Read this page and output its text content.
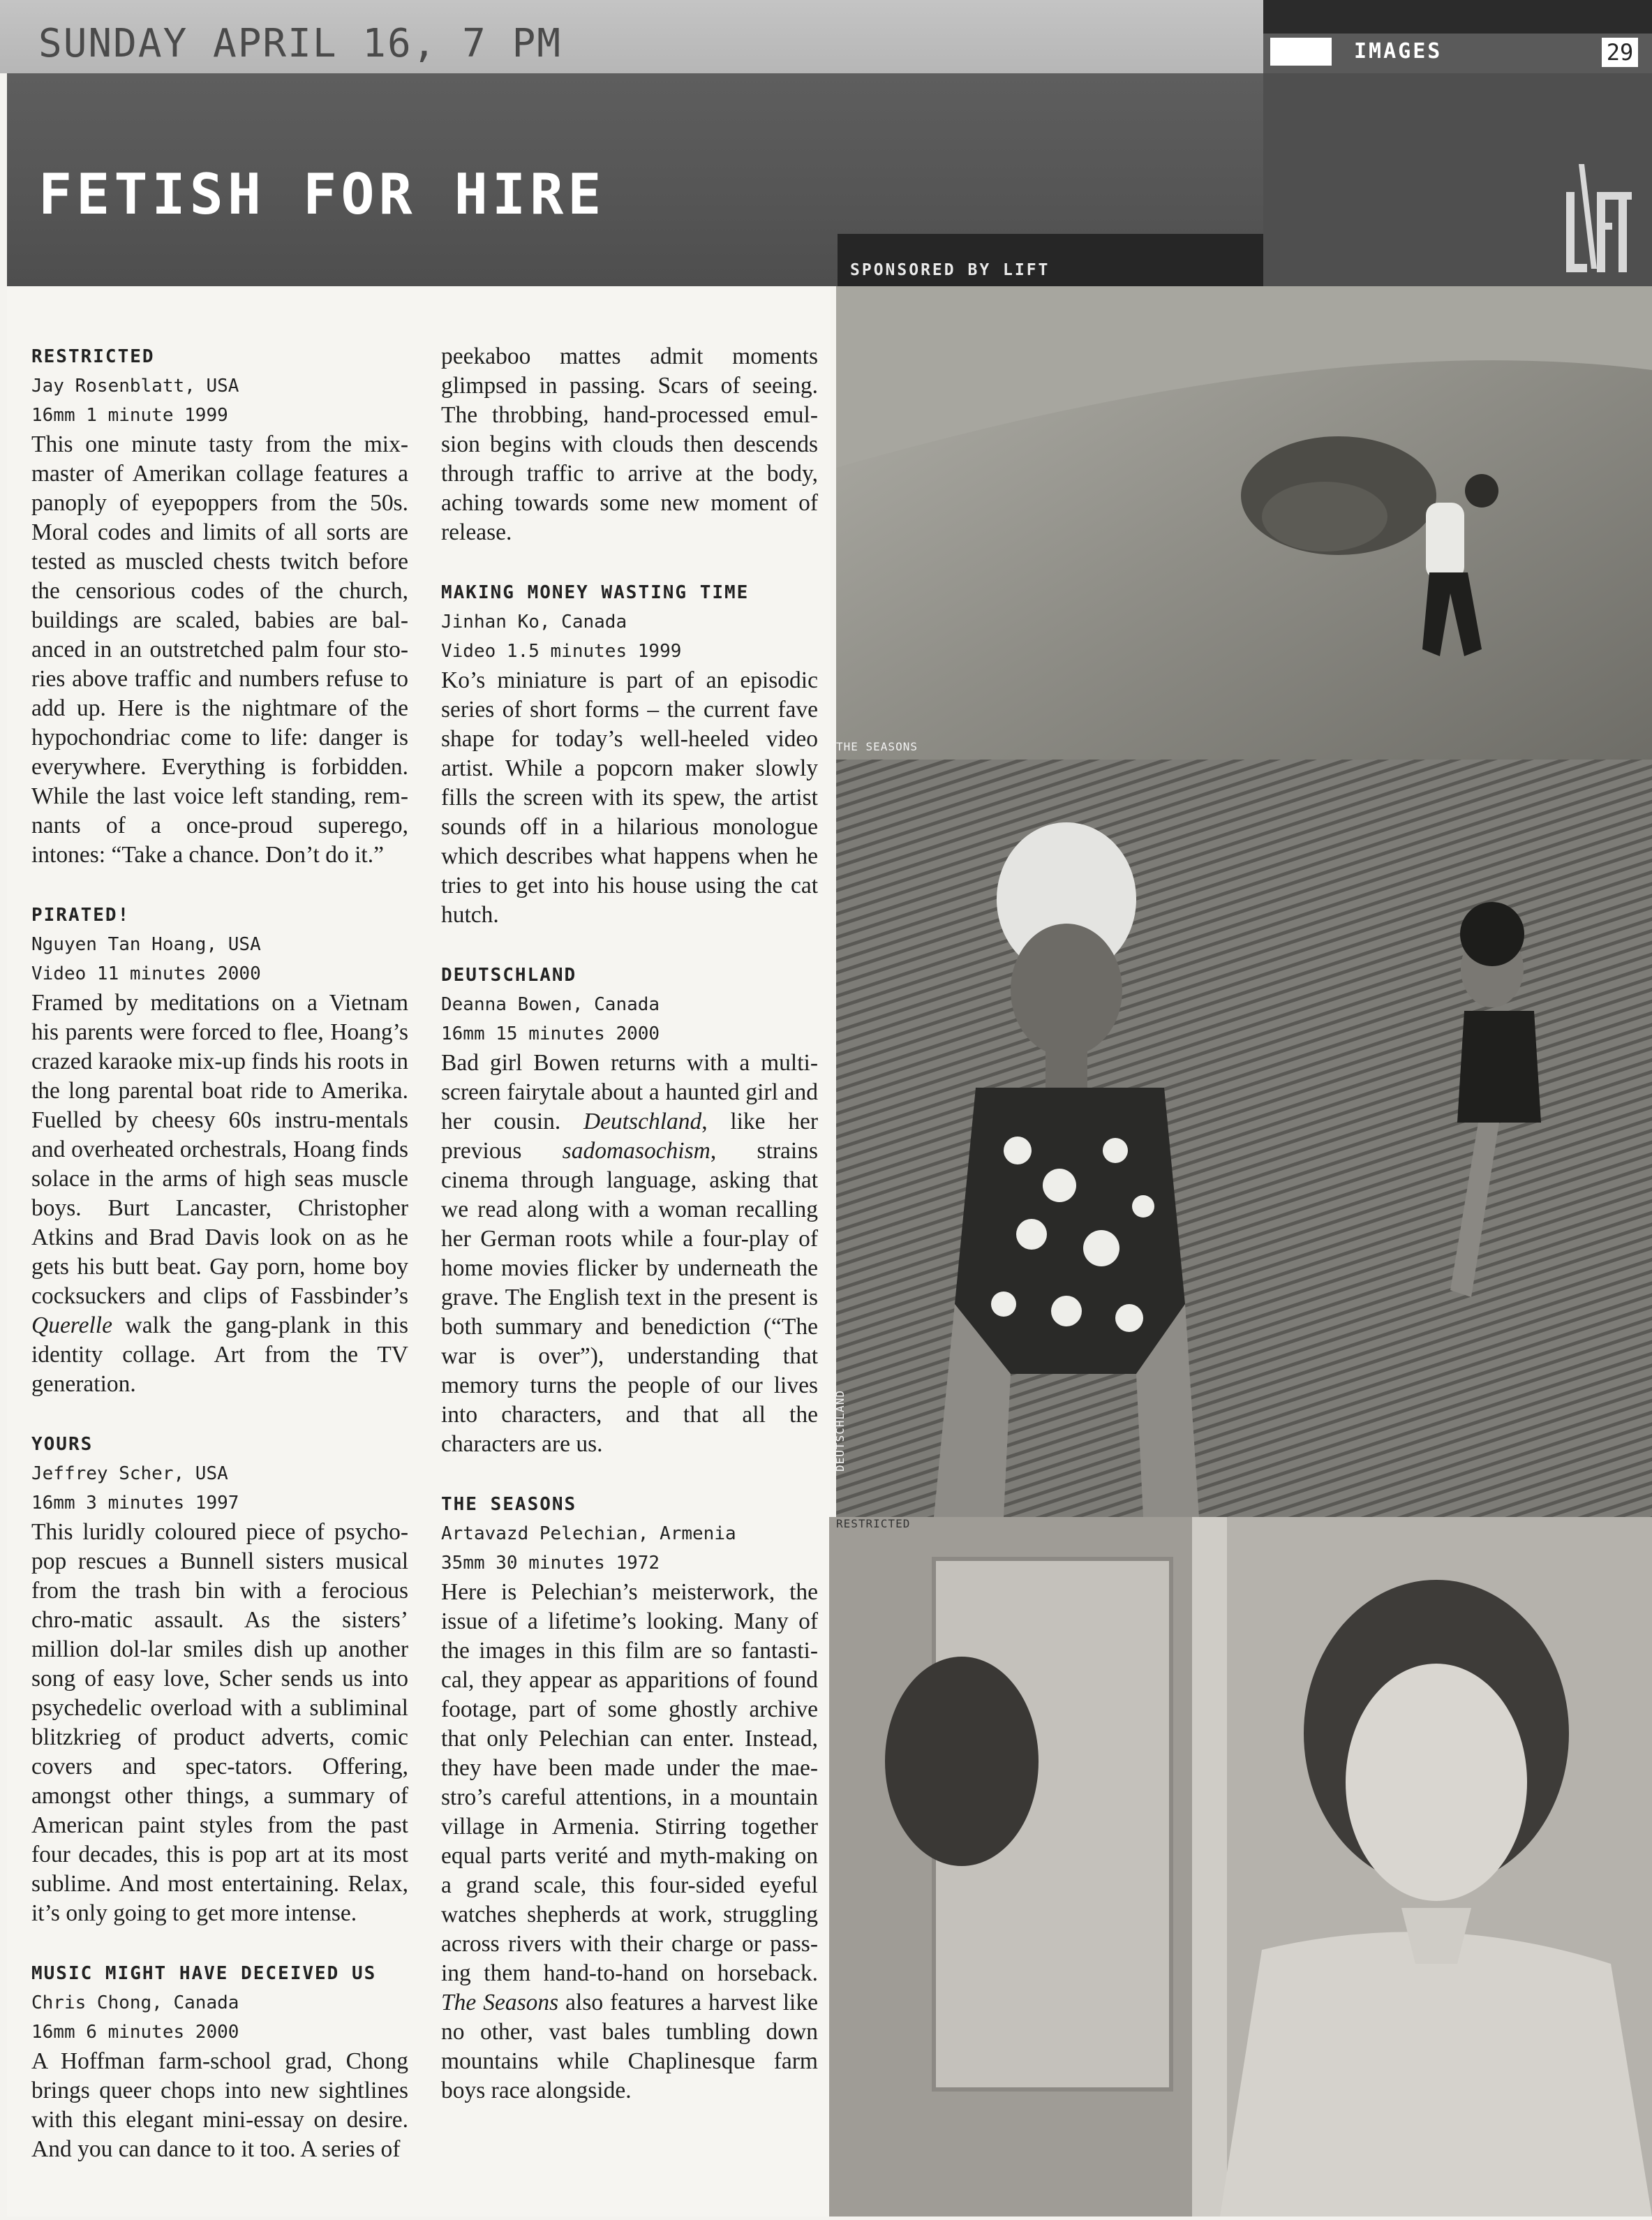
SUNDAY APRIL 16, 7 PM	IMAGES	29
FETISH FOR HIRE
SPONSORED BY LIFT
RESTRICTED
Jay Rosenblatt, USA
16mm 1 minute 1999

This one minute tasty from the mix-master of Amerikan collage features a panoply of eyepoppers from the 50s. Moral codes and limits of all sorts are tested as muscled chests twitch before the censorious codes of the church, buildings are scaled, babies are bal-anced in an outstretched palm four sto-ries above traffic and numbers refuse to add up. Here is the nightmare of the hypochondriac come to life: danger is everywhere. Everything is forbidden. While the last voice left standing, rem-nants of a once-proud superego, intones: “Take a chance. Don’t do it.”

PIRATED!
Nguyen Tan Hoang, USA
Video 11 minutes 2000

Framed by meditations on a Vietnam his parents were forced to flee, Hoang’s crazed karaoke mix-up finds his roots in the long parental boat ride to Amerika. Fuelled by cheesy 60s instru-mentals and overheated orchestrals, Hoang finds solace in the arms of high seas muscle boys. Burt Lancaster, Christopher Atkins and Brad Davis look on as he gets his butt beat. Gay porn, home boy cocksuckers and clips of Fassbinder’s Querelle walk the gang-plank in this identity collage. Art from the TV generation.

YOURS
Jeffrey Scher, USA
16mm 3 minutes 1997

This luridly coloured piece of psycho-pop rescues a Bunnell sisters musical from the trash bin with a ferocious chro-matic assault. As the sisters’ million dol-lar smiles dish up another song of easy love, Scher sends us into psychedelic overload with a subliminal blitzkrieg of product adverts, comic covers and spec-tators. Offering, amongst other things, a summary of American paint styles from the past four decades, this is pop art at its most sublime. And most entertaining. Relax, it’s only going to get more intense.

MUSIC MIGHT HAVE DECEIVED US
Chris Chong, Canada
16mm 6 minutes 2000

A Hoffman farm-school grad, Chong brings queer chops into new sightlines with this elegant mini-essay on desire. And you can dance to it too. A series of

peekaboo mattes admit moments glimpsed in passing. Scars of seeing. The throbbing, hand-processed emul-sion begins with clouds then descends through traffic to arrive at the body, aching towards some new moment of release.

MAKING MONEY WASTING TIME
Jinhan Ko, Canada
Video 1.5 minutes 1999

Ko’s miniature is part of an episodic series of short forms – the current fave shape for today’s well-heeled video artist. While a popcorn maker slowly fills the screen with its spew, the artist sounds off in a hilarious monologue which describes what happens when he tries to get into his house using the cat hutch.

DEUTSCHLAND
Deanna Bowen, Canada
16mm 15 minutes 2000

Bad girl Bowen returns with a multi-screen fairytale about a haunted girl and her cousin. Deutschland, like her previous sadomasochism, strains cinema through language, asking that we read along with a woman recalling her German roots while a four-play of home movies flicker by underneath the grave. The English text in the present is both summary and benediction (“The war is over”), understanding that memory turns the people of our lives into characters, and that all the characters are us.

THE SEASONS
Artavazd Pelechian, Armenia
35mm 30 minutes 1972

Here is Pelechian’s meisterwork, the issue of a lifetime’s looking. Many of the images in this film are so fantasti-cal, they appear as apparitions of found footage, part of some ghostly archive that only Pelechian can enter. Instead, they have been made under the mae-stro’s careful attentions, in a mountain village in Armenia. Stirring together equal parts verité and myth-making on a grand scale, this four-sided eyeful watches shepherds at work, struggling across rivers with their charge or pass-ing them hand-to-hand on horseback. The Seasons also features a harvest like no other, vast bales tumbling down mountains while Chaplinesque farm boys race alongside.

THE SEASONS
DEUTSCHLAND
RESTRICTED
